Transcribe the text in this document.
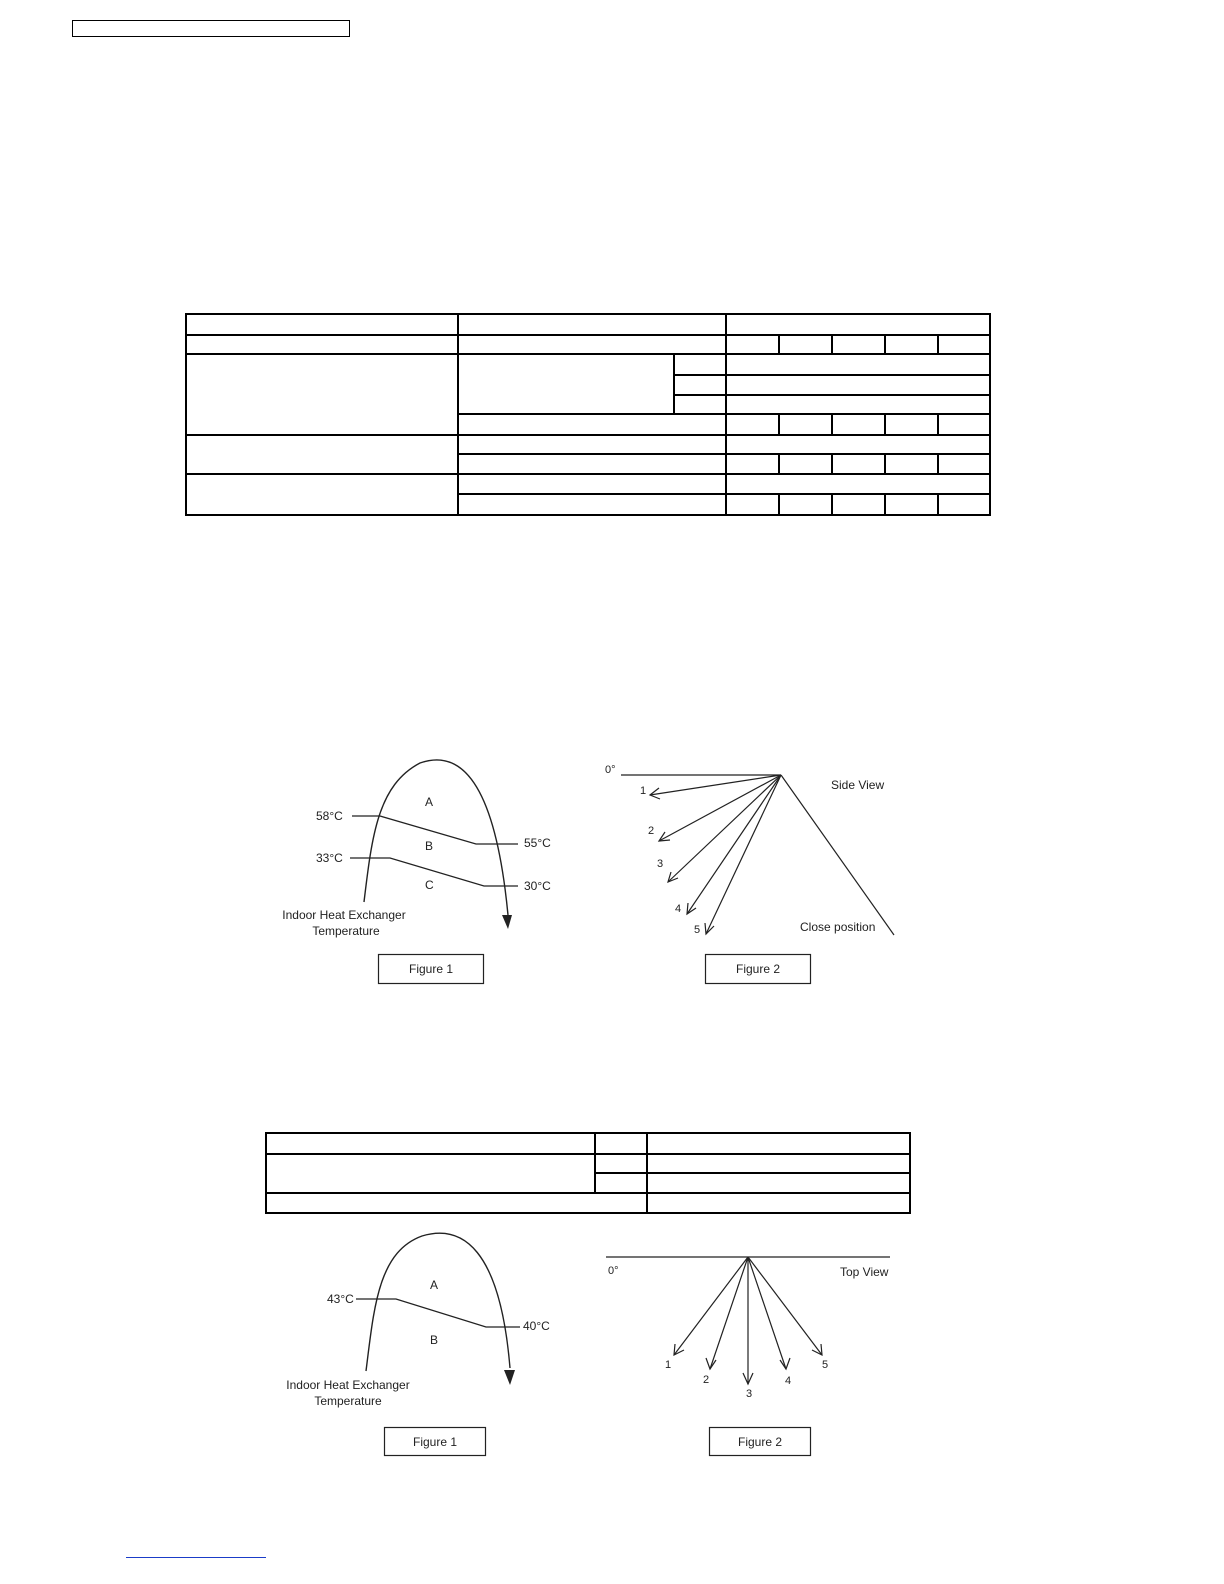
A
B
C
58°C
55°C
33°C
30°C
Indoor Heat Exchanger
Temperature
Figure 1
0°
Side View
1
2
3
4
5	Close position
Figure 2
A
B
43°C
40°C
Indoor Heat Exchanger
Temperature
Figure 1
0°	Top View
1
2
3
4
5
Figure 2
